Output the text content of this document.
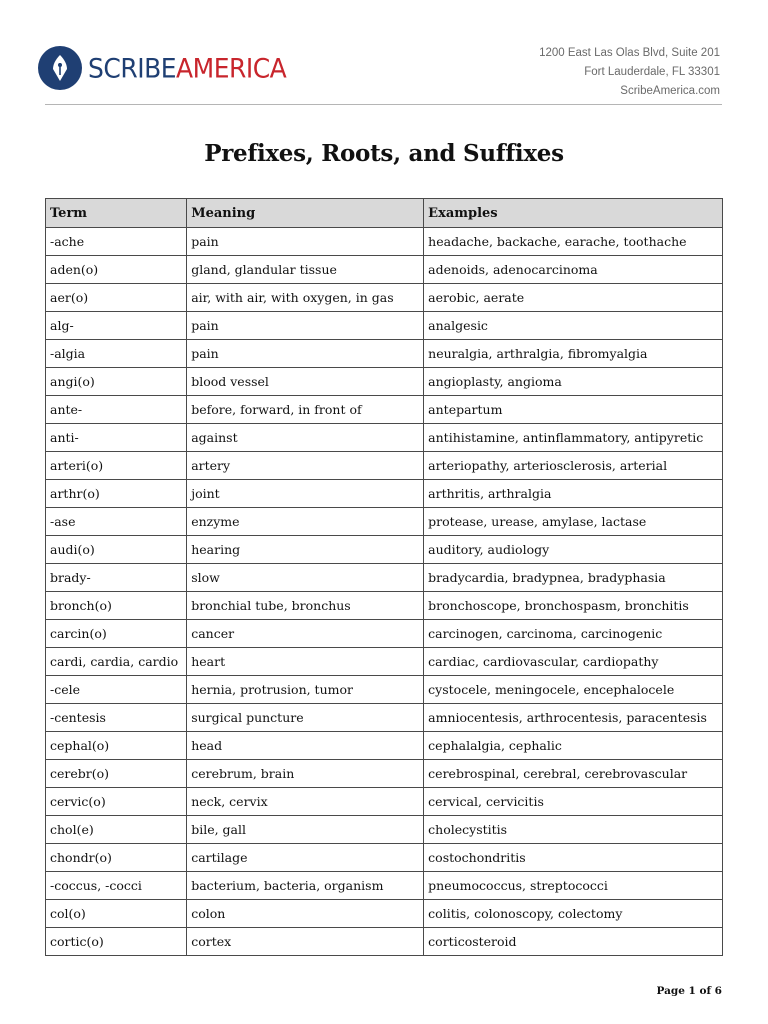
SCRIBE AMERICA	1200 East Las Olas Blvd, Suite 201
Fort Lauderdale, FL 33301
ScribeAmerica.com
Prefixes, Roots, and Suffixes
Term	Meaning	Examples
-ache	pain	headache, backache, earache, toothache
aden(o)	gland, glandular tissue	adenoids, adenocarcinoma
aer(o)	air, with air, with oxygen, in gas	aerobic, aerate
alg-	pain	analgesic
-algia	pain	neuralgia, arthralgia, fibromyalgia
angi(o)	blood vessel	angioplasty, angioma
ante-	before, forward, in front of	antepartum
anti-	against	antihistamine, antinflammatory, antipyretic
arteri(o)	artery	arteriopathy, arteriosclerosis, arterial
arthr(o)	joint	arthritis, arthralgia
-ase	enzyme	protease, urease, amylase, lactase
audi(o)	hearing	auditory, audiology
brady-	slow	bradycardia, bradypnea, bradyphasia
bronch(o)	bronchial tube, bronchus	bronchoscope, bronchospasm, bronchitis
carcin(o)	cancer	carcinogen, carcinoma, carcinogenic
cardi, cardia, cardio	heart	cardiac, cardiovascular, cardiopathy
-cele	hernia, protrusion, tumor	cystocele, meningocele, encephalocele
-centesis	surgical puncture	amniocentesis, arthrocentesis, paracentesis
cephal(o)	head	cephalalgia, cephalic
cerebr(o)	cerebrum, brain	cerebrospinal, cerebral, cerebrovascular
cervic(o)	neck, cervix	cervical, cervicitis
chol(e)	bile, gall	cholecystitis
chondr(o)	cartilage	costochondritis
-coccus, -cocci	bacterium, bacteria, organism	pneumococcus, streptococci
col(o)	colon	colitis, colonoscopy, colectomy
cortic(o)	cortex	corticosteroid
Page 1 of 6
